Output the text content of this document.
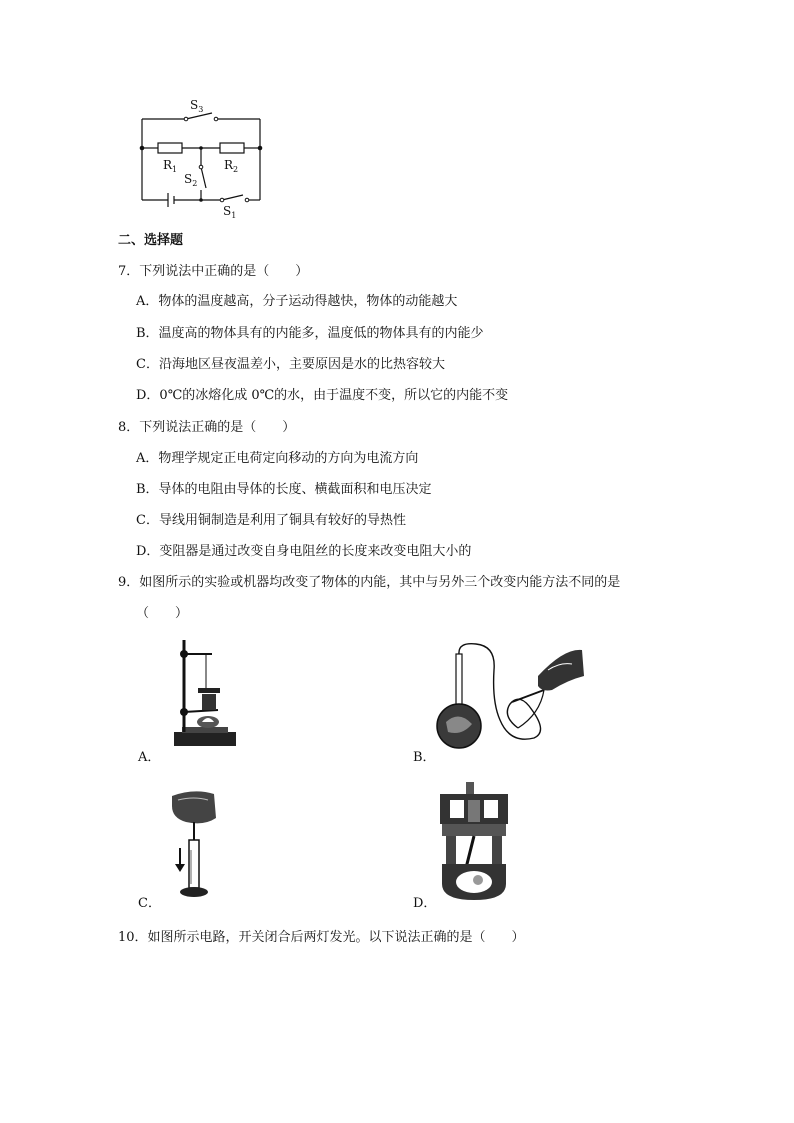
$S_3$
$R_1$	$R_2$
$S_2$
$S_1$
二、选择题
7．下列说法中正确的是（　　）
A．物体的温度越高，分子运动得越快，物体的动能越大
B．温度高的物体具有的内能多，温度低的物体具有的内能少
C．沿海地区昼夜温差小，主要原因是水的比热容较大
D．0℃的冰熔化成 0℃的水，由于温度不变，所以它的内能不变
8．下列说法正确的是（　　）
A．物理学规定正电荷定向移动的方向为电流方向
B．导体的电阻由导体的长度、横截面积和电压决定
C．导线用铜制造是利用了铜具有较好的导热性
D．变阻器是通过改变自身电阻丝的长度来改变电阻大小的
9．如图所示的实验或机器均改变了物体的内能，其中与另外三个改变内能方法不同的是
（　　）
A．	B．
C．	D．
10．如图所示电路，开关闭合后两灯发光。以下说法正确的是（　　）
